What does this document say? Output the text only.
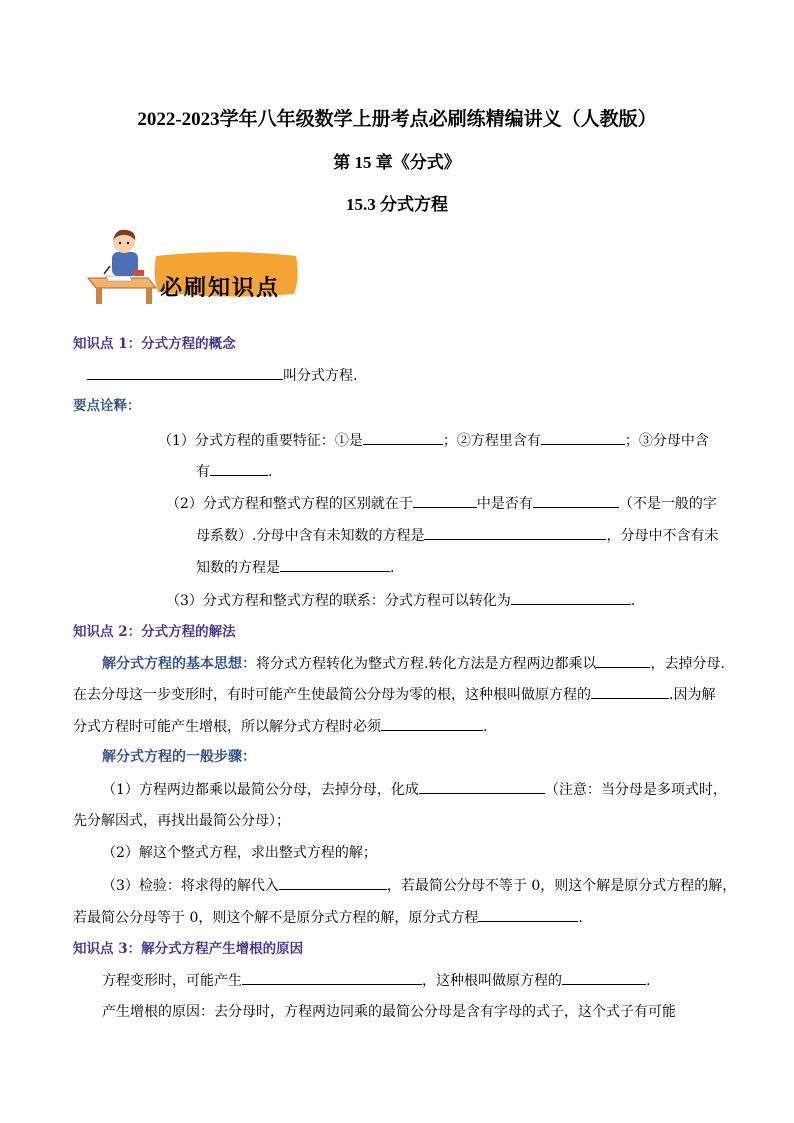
2022-2023学年八年级数学上册考点必刷练精编讲义（人教版）
第 15 章《分式》
15.3 分式方程
必刷知识点
知识点 1：分式方程的概念
叫分式方程.
要点诠释：
（1）分式方程的重要特征：①是	；②方程里含有	；③分母中含
有	.
（2）分式方程和整式方程的区别就在于	中是否有	（不是一般的字
母系数）.分母中含有未知数的方程是	，分母中不含有未
知数的方程是	.
（3）分式方程和整式方程的联系：分式方程可以转化为	.
知识点 2：分式方程的解法
解分式方程的基本思想：将分式方程转化为整式方程.转化方法是方程两边都乘以	，去掉分母.
在去分母这一步变形时，有时可能产生使最简公分母为零的根，这种根叫做原方程的	.因为解
分式方程时可能产生增根，所以解分式方程时必须	.
解分式方程的一般步骤：
（1）方程两边都乘以最简公分母，去掉分母，化成	（注意：当分母是多项式时，
先分解因式，再找出最简公分母）；
（2）解这个整式方程，求出整式方程的解；
（3）检验：将求得的解代入	，若最简公分母不等于 0，则这个解是原分式方程的解，
若最简公分母等于 0，则这个解不是原分式方程的解，原分式方程	.
知识点 3：解分式方程产生增根的原因
方程变形时，可能产生	，这种根叫做原方程的	.
产生增根的原因：去分母时，方程两边同乘的最简公分母是含有字母的式子，这个式子有可能
